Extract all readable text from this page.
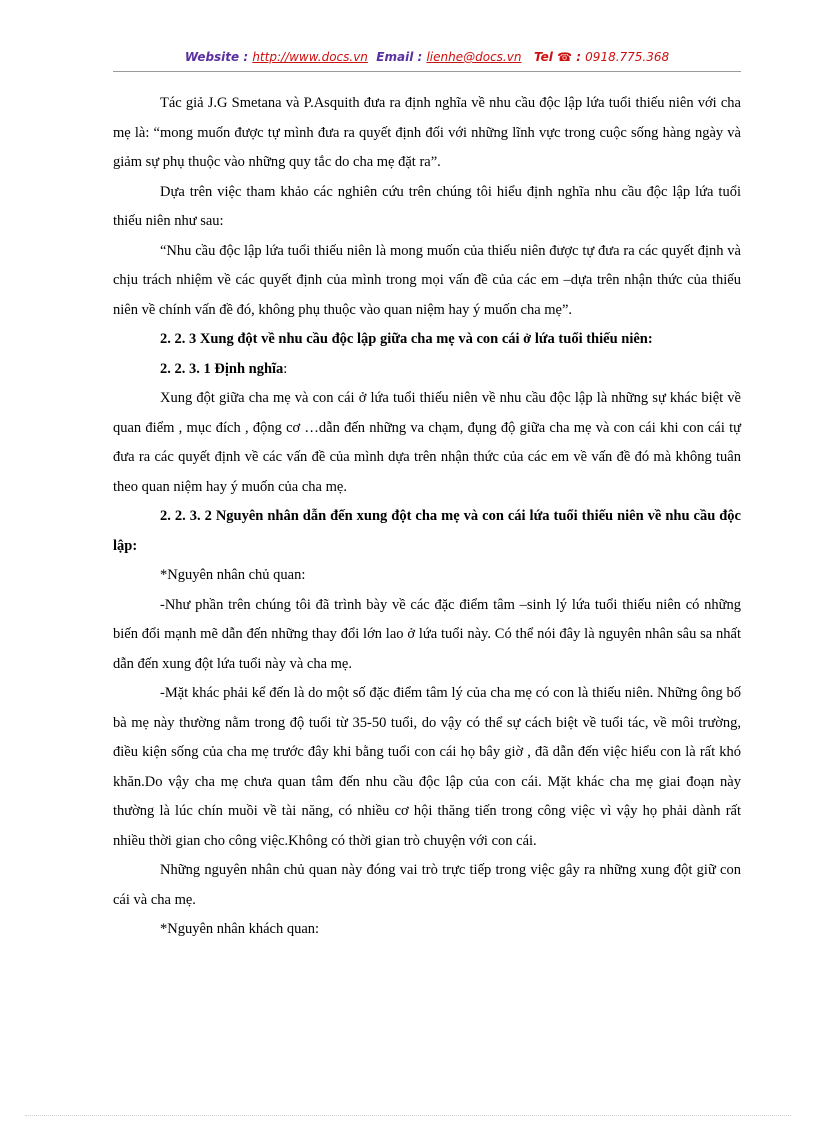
Website : http://www.docs.vn Email : lienhe@docs.vn Tel ☎ : 0918.775.368

Tác giả J.G Smetana và P.Asquith đưa ra định nghĩa về nhu cầu độc lập lứa tuổi thiếu niên với cha mẹ là: “mong muốn được tự mình đưa ra quyết định đối với những lĩnh vực trong cuộc sống hàng ngày và giảm sự phụ thuộc vào những quy tắc do cha mẹ đặt ra”.

Dựa trên việc tham khảo các nghiên cứu trên chúng tôi hiểu định nghĩa nhu cầu độc lập lứa tuổi thiếu niên như sau:

“Nhu cầu độc lập lứa tuổi thiếu niên là mong muốn của thiếu niên được tự đưa ra các quyết định và chịu trách nhiệm về các quyết định của mình trong mọi vấn đề của các em –dựa trên nhận thức của thiếu niên về chính vấn đề đó, không phụ thuộc vào quan niệm hay ý muốn cha mẹ”.

2. 2. 3 Xung đột về nhu cầu độc lập giữa cha mẹ và con cái ở lứa tuổi thiếu niên:

2. 2. 3. 1 Định nghĩa:

Xung đột giữa cha mẹ và con cái ở lứa tuổi thiếu niên về nhu cầu độc lập là những sự khác biệt về quan điểm , mục đích , động cơ …dẫn đến những va chạm, đụng độ giữa cha mẹ và con cái khi con cái tự đưa ra các quyết định về các vấn đề của mình dựa trên nhận thức của các em về vấn đề đó mà không tuân theo quan niệm hay ý muốn của cha mẹ.

2. 2. 3. 2 Nguyên nhân dẫn đến xung đột cha mẹ và con cái lứa tuổi thiếu niên về nhu cầu độc lập:

*Nguyên nhân chủ quan:

-Như phần trên chúng tôi đã trình bày về các đặc điểm tâm –sinh lý lứa tuổi thiếu niên có những biến đổi mạnh mẽ dẫn đến những thay đổi lớn lao ở lứa tuổi này. Có thể nói đây là nguyên nhân sâu sa nhất dẫn đến xung đột lứa tuổi này và cha mẹ.

-Mặt khác phải kể đến là do một số đặc điểm tâm lý của cha mẹ có con là thiếu niên. Những ông bố bà mẹ này thường nằm trong độ tuổi từ 35-50 tuổi, do vậy có thể sự cách biệt về tuổi tác, về môi trường, điều kiện sống của cha mẹ trước đây khi bằng tuổi con cái họ bây giờ , đã dẫn đến việc hiểu con là rất khó khăn.Do vậy cha mẹ chưa quan tâm đến nhu cầu độc lập của con cái. Mặt khác cha mẹ giai đoạn này thường là lúc chín muồi về tài năng, có nhiều cơ hội thăng tiến trong công việc vì vậy họ phải dành rất nhiều thời gian cho công việc.Không có thời gian trò chuyện với con cái.

Những nguyên nhân chủ quan này đóng vai trò trực tiếp trong việc gây ra những xung đột giữ con cái và cha mẹ.

*Nguyên nhân khách quan:
